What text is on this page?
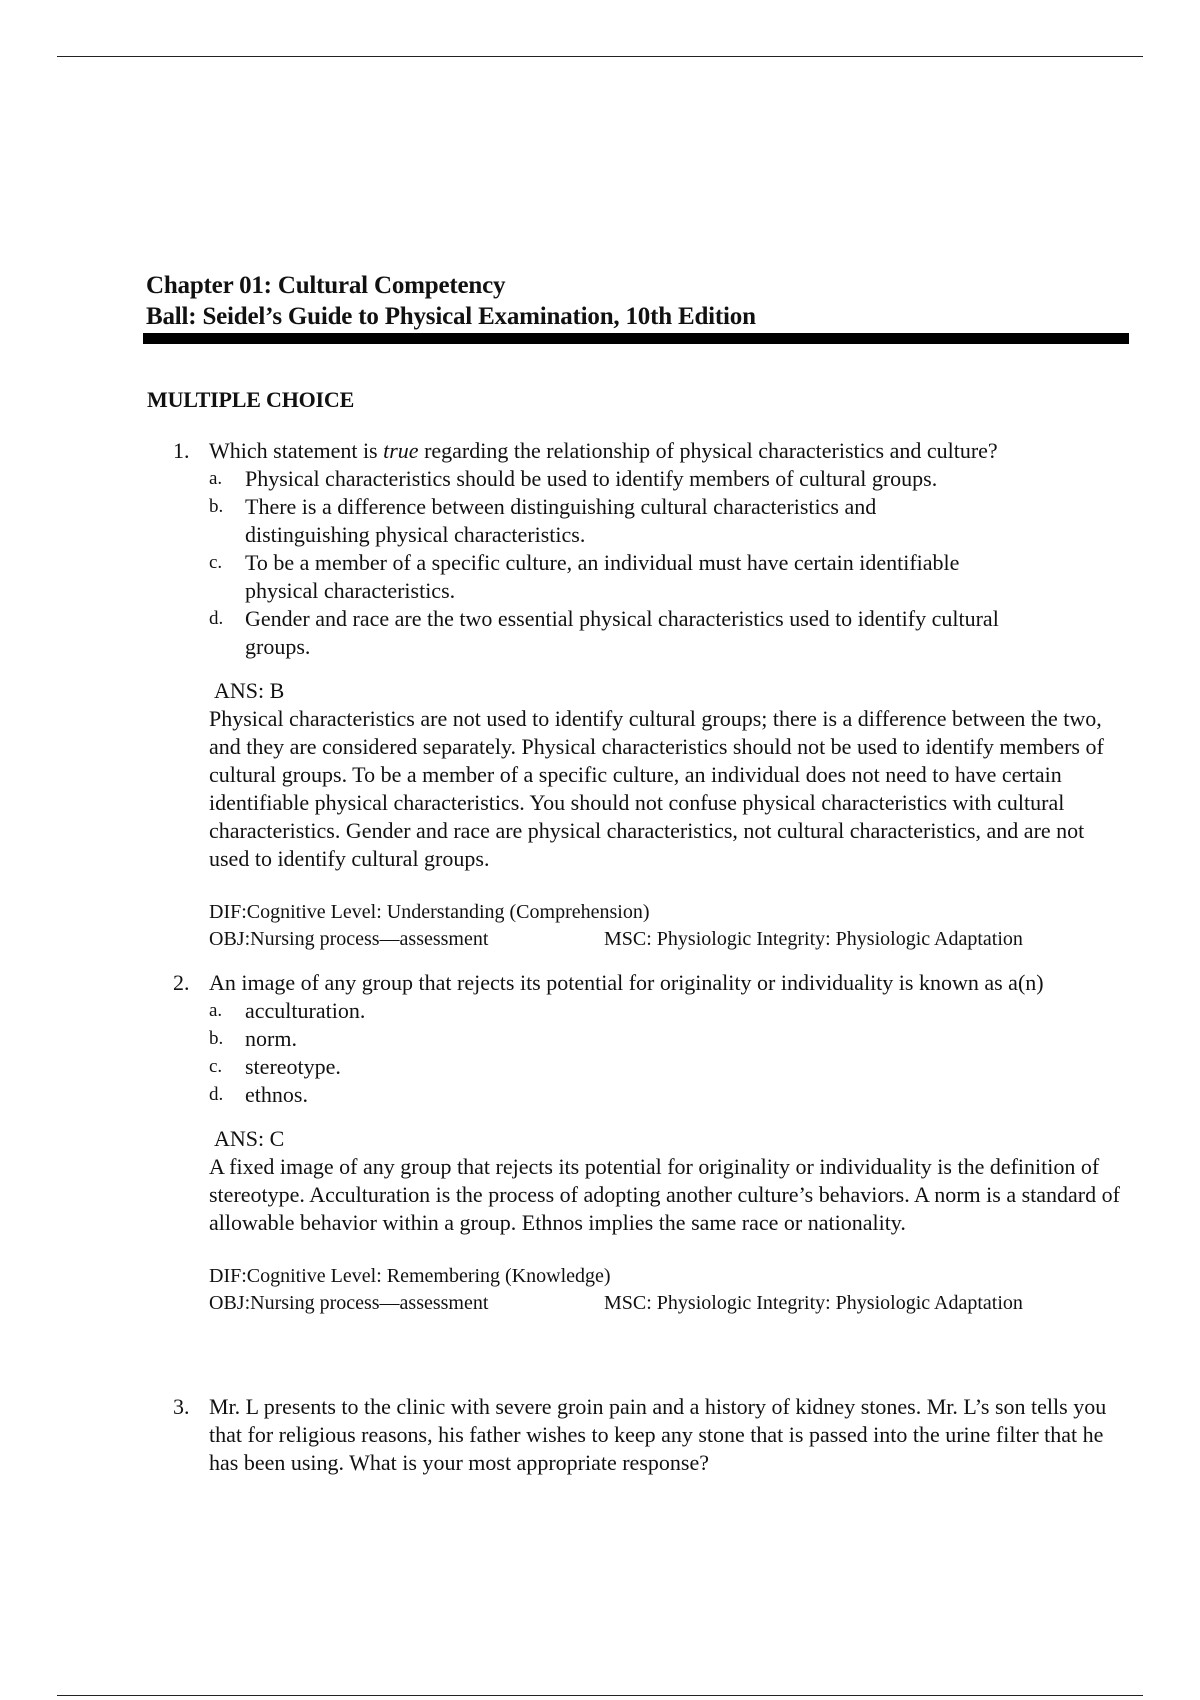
Chapter 01: Cultural Competency
Ball: Seidel’s Guide to Physical Examination, 10th Edition
MULTIPLE CHOICE
1. Which statement is true regarding the relationship of physical characteristics and culture?
a.	Physical characteristics should be used to identify members of cultural groups.
b. There is a difference between distinguishing cultural characteristics and distinguishing physical characteristics.
c.	To be a member of a specific culture, an individual must have certain identifiable physical characteristics.
d. Gender and race are the two essential physical characteristics used to identify cultural groups.
ANS: B
Physical characteristics are not used to identify cultural groups; there is a difference between the two, and they are considered separately. Physical characteristics should not be used to identify members of cultural groups. To be a member of a specific culture, an individual does not need to have certain identifiable physical characteristics. You should not confuse physical characteristics with cultural characteristics. Gender and race are physical characteristics, not cultural characteristics, and are not used to identify cultural groups.
DIF:Cognitive Level: Understanding (Comprehension)
OBJ:Nursing process—assessment	MSC: Physiologic Integrity: Physiologic Adaptation
2. An image of any group that rejects its potential for originality or individuality is known as a(n)
a.	acculturation.
b. norm.
c.	stereotype.
d. ethnos.
ANS: C
A fixed image of any group that rejects its potential for originality or individuality is the definition of stereotype. Acculturation is the process of adopting another culture’s behaviors. A norm is a standard of allowable behavior within a group. Ethnos implies the same race or nationality.
DIF:Cognitive Level: Remembering (Knowledge)
OBJ:Nursing process—assessment	MSC: Physiologic Integrity: Physiologic Adaptation
3. Mr. L presents to the clinic with severe groin pain and a history of kidney stones. Mr. L’s son tells you that for religious reasons, his father wishes to keep any stone that is passed into the urine filter that he has been using. What is your most appropriate response?
